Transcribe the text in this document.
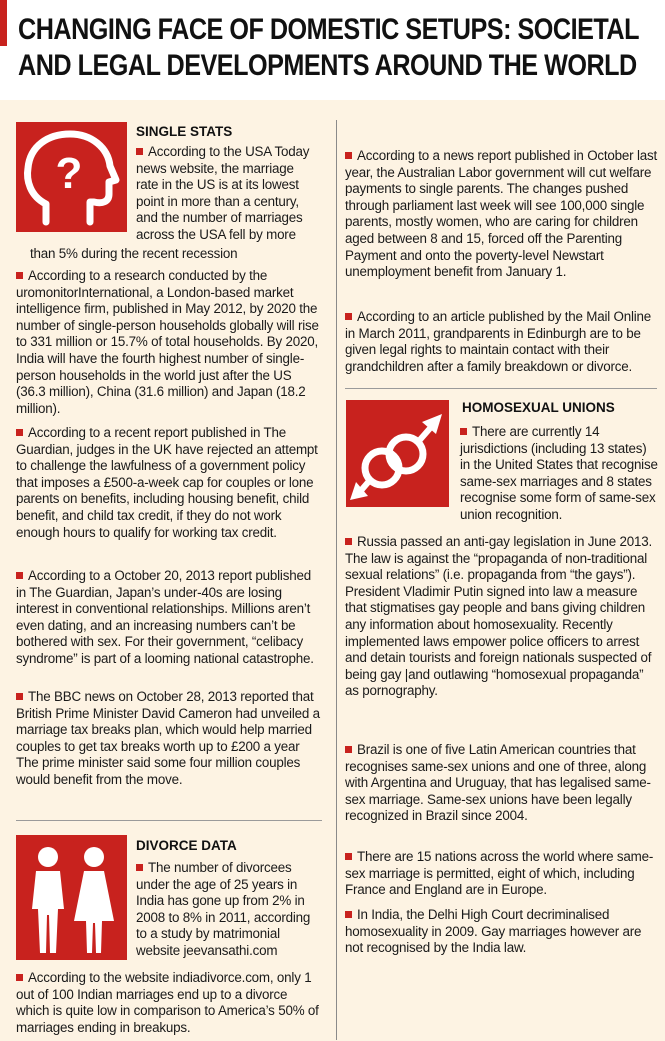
CHANGING FACE OF DOMESTIC SETUPS: SOCIETAL
AND LEGAL DEVELOPMENTS AROUND THE WORLD
?
SINGLE STATS

According to the USA Today news website, the marriage rate in the US is at its lowest point in more than a century, and the number of marriages across the USA fell by more

than 5% during the recent recession

According to a research conducted by the uromonitorInternational, a London-based market intelligence firm, published in May 2012, by 2020 the number of single-person households globally will rise to 331 million or 15.7% of total households. By 2020, India will have the fourth highest number of single-person households in the world just after the US (36.3 million), China (31.6 million) and Japan (18.2 million).

According to a recent report published in The Guardian, judges in the UK have rejected an attempt to challenge the lawfulness of a government policy that imposes a £500-a-week cap for couples or lone parents on benefits, including housing benefit, child benefit, and child tax credit, if they do not work enough hours to qualify for working tax credit.

According to a October 20, 2013 report published in The Guardian, Japan’s under-40s are losing interest in conventional relationships. Millions aren’t even dating, and an increasing numbers can’t be bothered with sex. For their government, “celibacy syndrome” is part of a looming national catastrophe.

The BBC news on October 28, 2013 reported that British Prime Minister David Cameron had unveiled a marriage tax breaks plan, which would help married couples to get tax breaks worth up to £200 a year The prime minister said some four million couples would benefit from the move.

DIVORCE DATA

The number of divorcees under the age of 25 years in India has gone up from 2% in 2008 to 8% in 2011, according to a study by matrimonial website jeevansathi.com

According to the website indiadivorce.com, only 1 out of 100 Indian marriages end up to a divorce which is quite low in comparison to America’s 50% of marriages ending in breakups.

According to a news report published in October last year, the Australian Labor government will cut welfare payments to single parents. The changes pushed through parliament last week will see 100,000 single parents, mostly women, who are caring for children aged between 8 and 15, forced off the Parenting Payment and onto the poverty-level Newstart unemployment benefit from January 1.

According to an article published by the Mail Online in March 2011, grandparents in Edinburgh are to be given legal rights to maintain contact with their grandchildren after a family breakdown or divorce.

HOMOSEXUAL UNIONS

There are currently 14 jurisdictions (including 13 states) in the United States that recognise same-sex marriages and 8 states recognise some form of same-sex union recognition.

Russia passed an anti-gay legislation in June 2013. The law is against the “propaganda of non-traditional sexual relations” (i.e. propaganda from “the gays”). President Vladimir Putin signed into law a measure that stigmatises gay people and bans giving children any information about homosexuality. Recently implemented laws empower police officers to arrest and detain tourists and foreign nationals suspected of being gay |and outlawing “homosexual propaganda” as pornography.

Brazil is one of five Latin American countries that recognises same-sex unions and one of three, along with Argentina and Uruguay, that has legalised same-sex marriage. Same-sex unions have been legally recognized in Brazil since 2004.

There are 15 nations across the world where same-sex marriage is permitted, eight of which, including France and England are in Europe.

In India, the Delhi High Court decriminalised homosexuality in 2009. Gay marriages however are not recognised by the India law.
